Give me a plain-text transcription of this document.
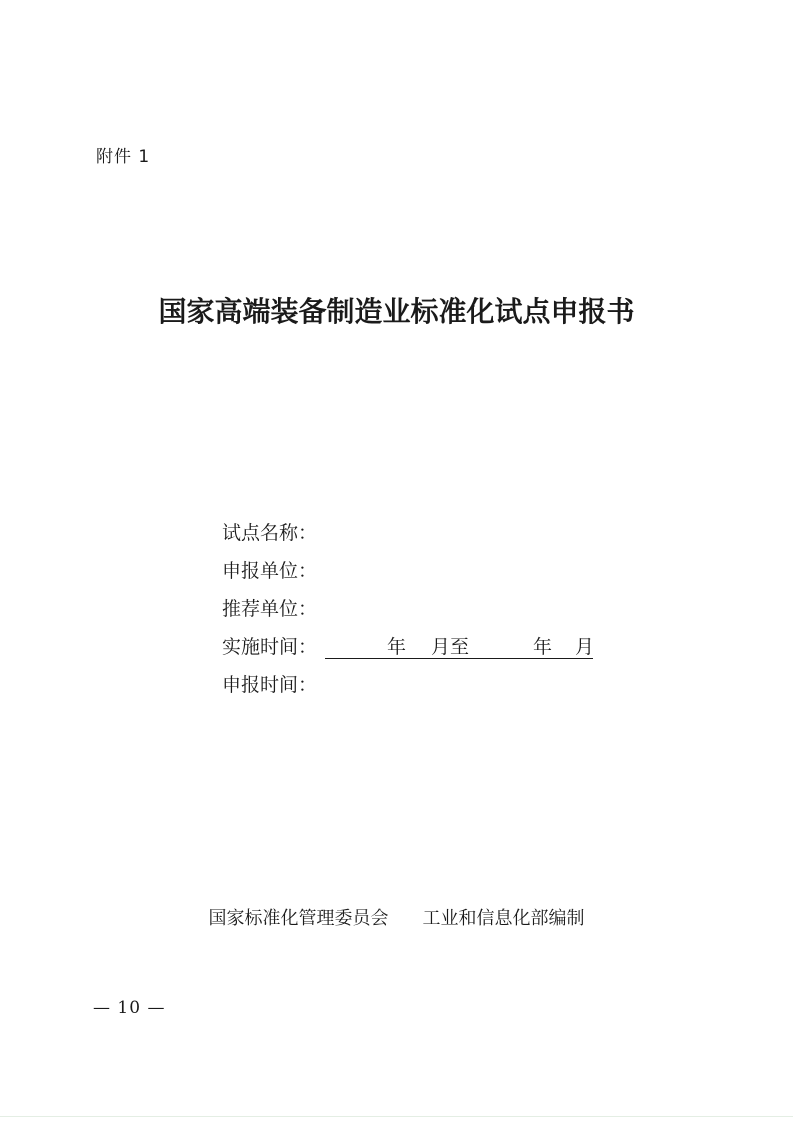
附件 1
国家高端装备制造业标准化试点申报书
试点名称：
申报单位：
推荐单位：
实施时间：	年 月 至	年 月
申报时间：
国家标准化管理委员会 工业和信息化部编制
— 10 —
